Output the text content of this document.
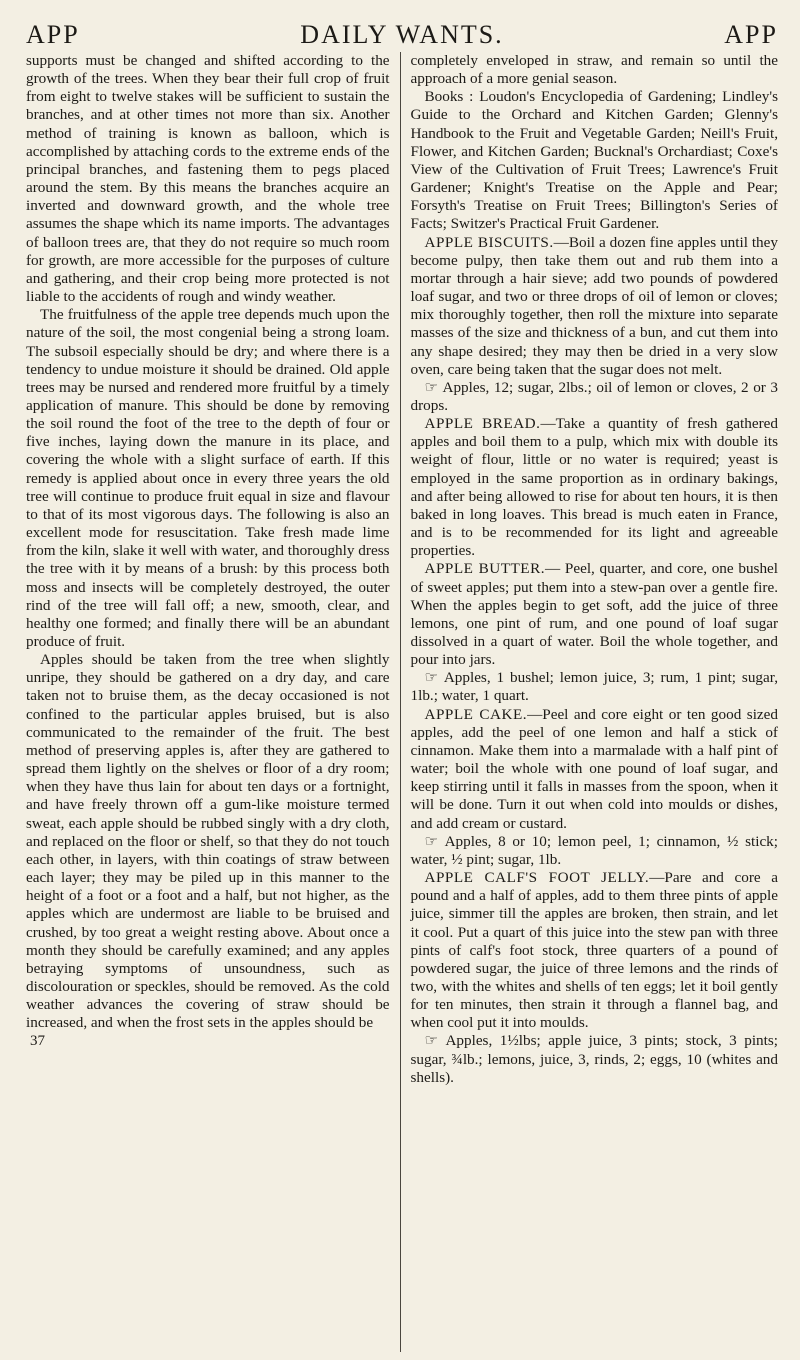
APP	DAILY WANTS.	APP

supports must be changed and shifted according to the growth of the trees. When they bear their full crop of fruit from eight to twelve stakes will be sufficient to sustain the branches, and at other times not more than six. Another method of training is known as balloon, which is accomplished by attaching cords to the extreme ends of the principal branches, and fastening them to pegs placed around the stem. By this means the branches acquire an inverted and downward growth, and the whole tree assumes the shape which its name imports. The advantages of balloon trees are, that they do not require so much room for growth, are more accessible for the purposes of culture and gathering, and their crop being more protected is not liable to the accidents of rough and windy weather.

The fruitfulness of the apple tree depends much upon the nature of the soil, the most congenial being a strong loam. The subsoil especially should be dry; and where there is a tendency to undue moisture it should be drained. Old apple trees may be nursed and rendered more fruitful by a timely application of manure. This should be done by removing the soil round the foot of the tree to the depth of four or five inches, laying down the manure in its place, and covering the whole with a slight surface of earth. If this remedy is applied about once in every three years the old tree will continue to produce fruit equal in size and flavour to that of its most vigorous days. The following is also an excellent mode for resuscitation. Take fresh made lime from the kiln, slake it well with water, and thoroughly dress the tree with it by means of a brush: by this process both moss and insects will be completely destroyed, the outer rind of the tree will fall off; a new, smooth, clear, and healthy one formed; and finally there will be an abundant produce of fruit.

Apples should be taken from the tree when slightly unripe, they should be gathered on a dry day, and care taken not to bruise them, as the decay occasioned is not confined to the particular apples bruised, but is also communicated to the remainder of the fruit. The best method of preserving apples is, after they are gathered to spread them lightly on the shelves or floor of a dry room; when they have thus lain for about ten days or a fortnight, and have freely thrown off a gum-like moisture termed sweat, each apple should be rubbed singly with a dry cloth, and replaced on the floor or shelf, so that they do not touch each other, in layers, with thin coatings of straw between each layer; they may be piled up in this manner to the height of a foot or a foot and a half, but not higher, as the apples which are undermost are liable to be bruised and crushed, by too great a weight resting above. About once a month they should be carefully examined; and any apples betraying symptoms of unsoundness, such as discolouration or speckles, should be removed. As the cold weather advances the covering of straw should be increased, and when the frost sets in the apples should be

37

completely enveloped in straw, and remain so until the approach of a more genial season.

Books : Loudon's Encyclopedia of Gardening; Lindley's Guide to the Orchard and Kitchen Garden; Glenny's Handbook to the Fruit and Vegetable Garden; Neill's Fruit, Flower, and Kitchen Garden; Bucknal's Orchardiast; Coxe's View of the Cultivation of Fruit Trees; Lawrence's Fruit Gardener; Knight's Treatise on the Apple and Pear; Forsyth's Treatise on Fruit Trees; Billington's Series of Facts; Switzer's Practical Fruit Gardener.

APPLE BISCUITS.—Boil a dozen fine apples until they become pulpy, then take them out and rub them into a mortar through a hair sieve; add two pounds of powdered loaf sugar, and two or three drops of oil of lemon or cloves; mix thoroughly together, then roll the mixture into separate masses of the size and thickness of a bun, and cut them into any shape desired; they may then be dried in a very slow oven, care being taken that the sugar does not melt.

☞ Apples, 12; sugar, 2lbs.; oil of lemon or cloves, 2 or 3 drops.

APPLE BREAD.—Take a quantity of fresh gathered apples and boil them to a pulp, which mix with double its weight of flour, little or no water is required; yeast is employed in the same proportion as in ordinary bakings, and after being allowed to rise for about ten hours, it is then baked in long loaves. This bread is much eaten in France, and is to be recommended for its light and agreeable properties.

APPLE BUTTER.— Peel, quarter, and core, one bushel of sweet apples; put them into a stew-pan over a gentle fire. When the apples begin to get soft, add the juice of three lemons, one pint of rum, and one pound of loaf sugar dissolved in a quart of water. Boil the whole together, and pour into jars.

☞ Apples, 1 bushel; lemon juice, 3; rum, 1 pint; sugar, 1lb.; water, 1 quart.

APPLE CAKE.—Peel and core eight or ten good sized apples, add the peel of one lemon and half a stick of cinnamon. Make them into a marmalade with a half pint of water; boil the whole with one pound of loaf sugar, and keep stirring until it falls in masses from the spoon, when it will be done. Turn it out when cold into moulds or dishes, and add cream or custard.

☞ Apples, 8 or 10; lemon peel, 1; cinnamon, ½ stick; water, ½ pint; sugar, 1lb.

APPLE CALF'S FOOT JELLY.—Pare and core a pound and a half of apples, add to them three pints of apple juice, simmer till the apples are broken, then strain, and let it cool. Put a quart of this juice into the stew pan with three pints of calf's foot stock, three quarters of a pound of powdered sugar, the juice of three lemons and the rinds of two, with the whites and shells of ten eggs; let it boil gently for ten minutes, then strain it through a flannel bag, and when cool put it into moulds.

☞ Apples, 1½lbs; apple juice, 3 pints; stock, 3 pints; sugar, ¾lb.; lemons, juice, 3, rinds, 2; eggs, 10 (whites and shells).
